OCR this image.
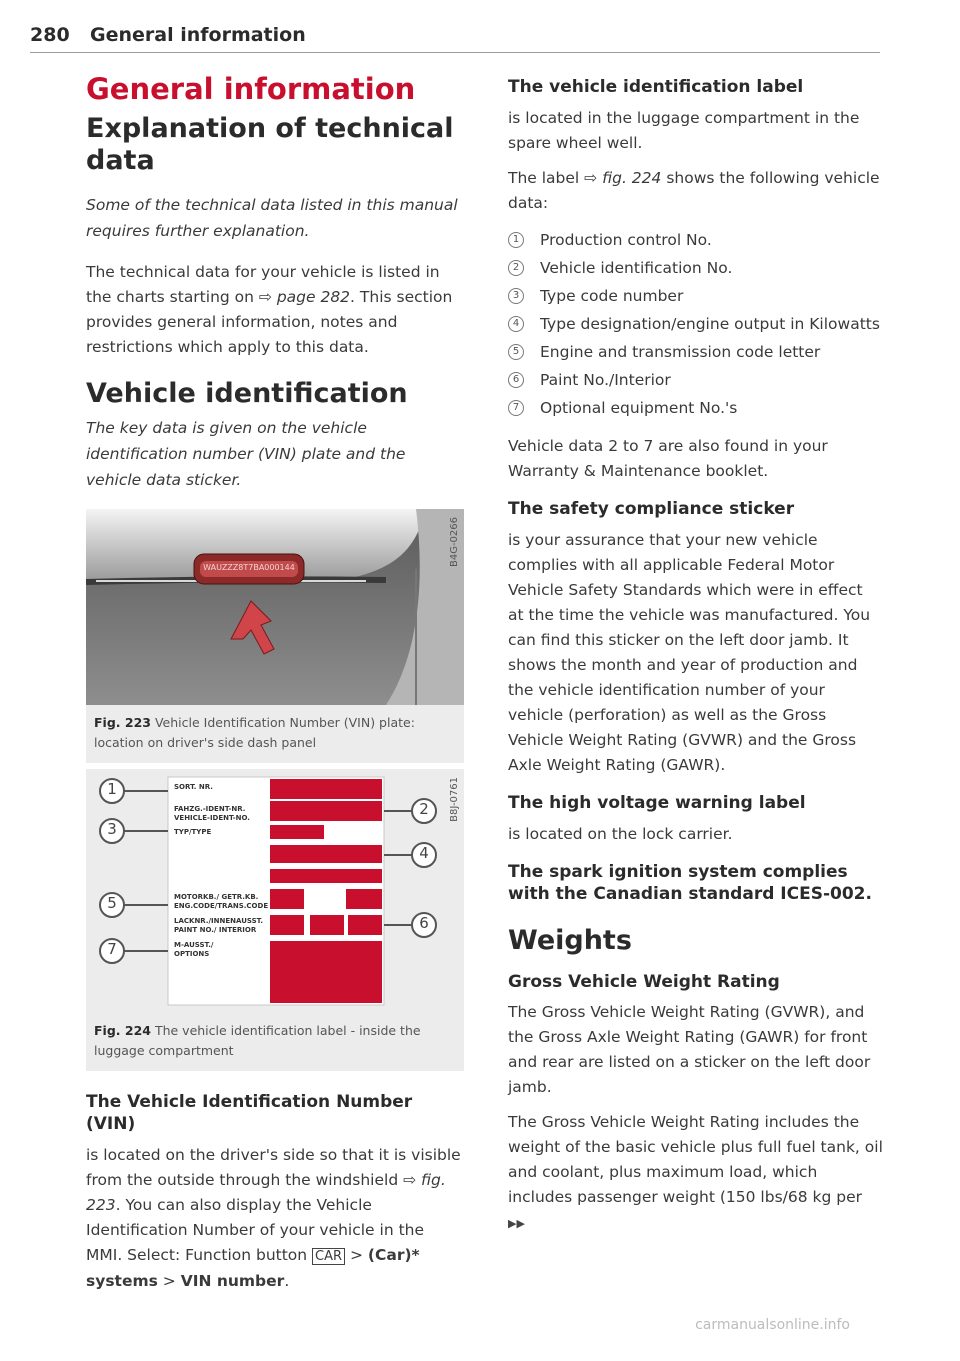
280 General information
General information
Explanation of technical data
Some of the technical data listed in this manual requires further explanation.

The technical data for your vehicle is listed in the charts starting on ⇨ page 282. This section provides general information, notes and restrictions which apply to this data.

Vehicle identification
The key data is given on the vehicle identification number (VIN) plate and the vehicle data sticker.
B4G-0266
WAUZZZ8T7BA000144
Fig. 223 Vehicle Identification Number (VIN) plate: location on driver's side dash panel
1
3
5
7
2
4
6
SORT. NR.
FAHZG.-IDENT-NR.
VEHICLE-IDENT-NO.
TYP/TYPE
MOTORKB./ GETR.KB.
ENG.CODE/TRANS.CODE
LACKNR./INNENAUSST.
PAINT NO./ INTERIOR
M-AUSST./
OPTIONS
B8J-0761
Fig. 224 The vehicle identification label - inside the luggage compartment
The Vehicle Identification Number (VIN)

is located on the driver's side so that it is visible from the outside through the windshield ⇨ fig. 223. You can also display the Vehicle Identification Number of your vehicle in the MMI. Select: Function button CAR > (Car)* systems > VIN number.

The vehicle identification label

is located in the luggage compartment in the spare wheel well.

The label ⇨ fig. 224 shows the following vehicle data:

1	Production control No.
2	Vehicle identification No.
3	Type code number
4	Type designation/engine output in Kilowatts
5	Engine and transmission code letter
6	Paint No./Interior
7	Optional equipment No.'s

Vehicle data 2 to 7 are also found in your Warranty & Maintenance booklet.

The safety compliance sticker

is your assurance that your new vehicle complies with all applicable Federal Motor Vehicle Safety Standards which were in effect at the time the vehicle was manufactured. You can find this sticker on the left door jamb. It shows the month and year of production and the vehicle identification number of your vehicle (perforation) as well as the Gross Vehicle Weight Rating (GVWR) and the Gross Axle Weight Rating (GAWR).

The high voltage warning label

is located on the lock carrier.

The spark ignition system complies with the Canadian standard ICES-002.
Weights
Gross Vehicle Weight Rating

The Gross Vehicle Weight Rating (GVWR), and the Gross Axle Weight Rating (GAWR) for front and rear are listed on a sticker on the left door jamb.

The Gross Vehicle Weight Rating includes the weight of the basic vehicle plus full fuel tank, oil and coolant, plus maximum load, which includes passenger weight (150 lbs/68 kg per ▶▶

carmanualsonline.info
